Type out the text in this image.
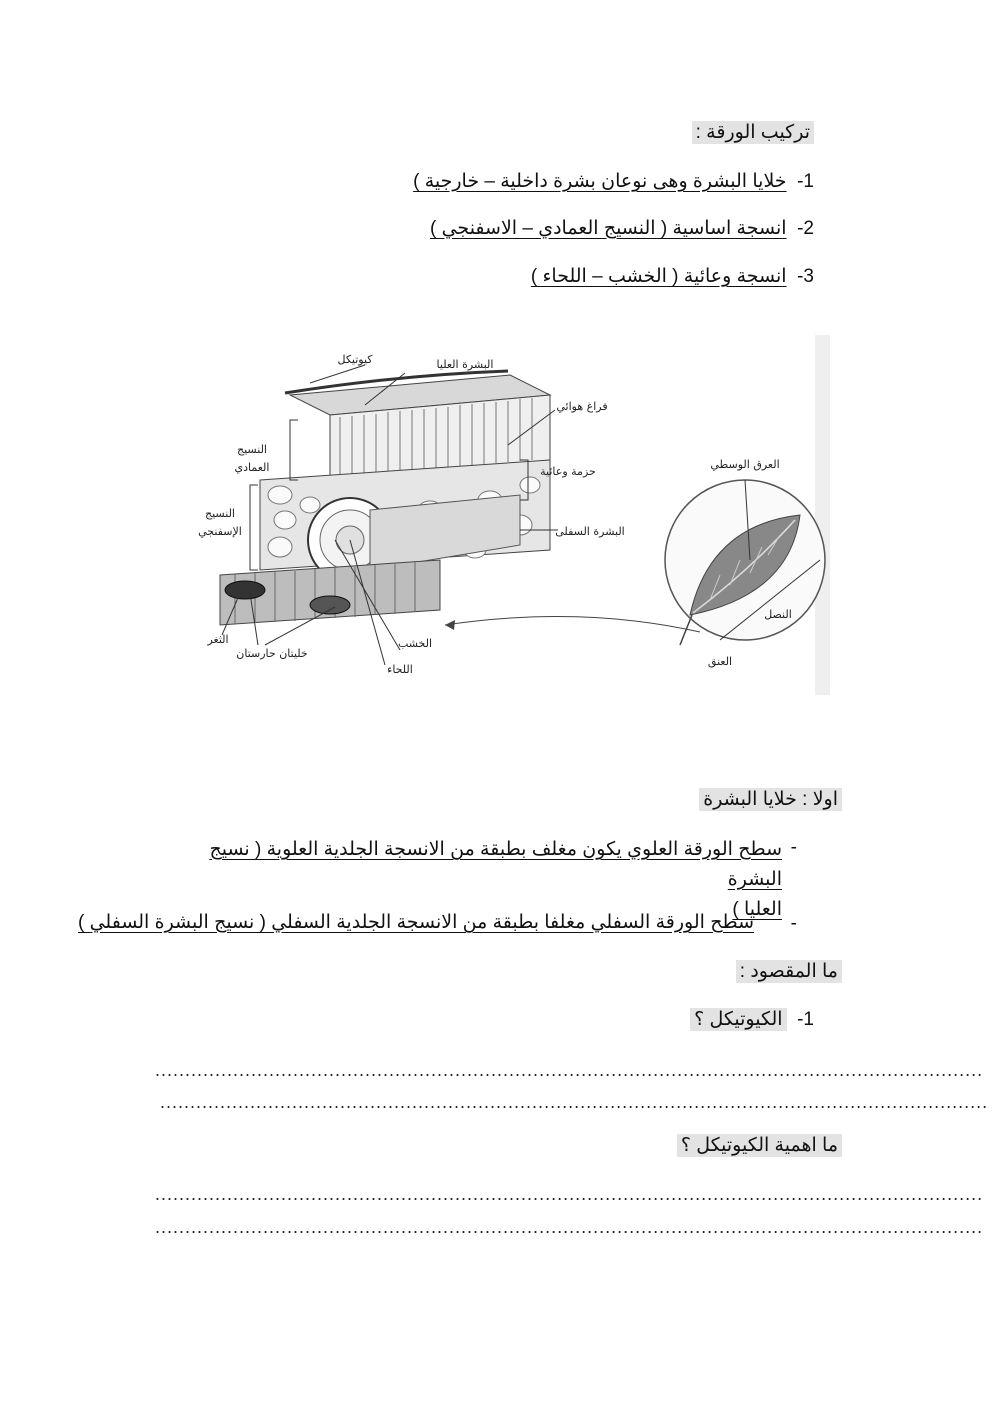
تركيب الورقة :
-1  خلايا البشرة وهى نوعان بشرة داخلية – خارجية )
-2  انسجة اساسية ( النسيج العمادي – الاسفنجي )
-3  انسجة وعائية ( الخشب – اللحاء )
كيوتيكل	البشرة العليا
فراغ هوائي
النسيج
العمادي
النسيج
الإسفنجي
حزمة وعائية
البشرة السفلى
العرق الوسطي
النصل
العنق
الثغر
خليتان حارستان
الخشب
اللحاء
اولا : خلايا البشرة
سطح الورقة العلوي يكون مغلف بطبقة من الانسجة الجلدية العلوية ( نسيج البشرة
العليا )
-
سطح الورقة السفلي مغلفا بطبقة من الانسجة الجلدية السفلي ( نسيج البشرة السفلي ) -
ما المقصود :
-1  الكيوتيكل ؟
..........................................................................................................................................
..........................................................................................................................................
ما اهمية الكيوتيكل ؟
..........................................................................................................................................
..........................................................................................................................................
